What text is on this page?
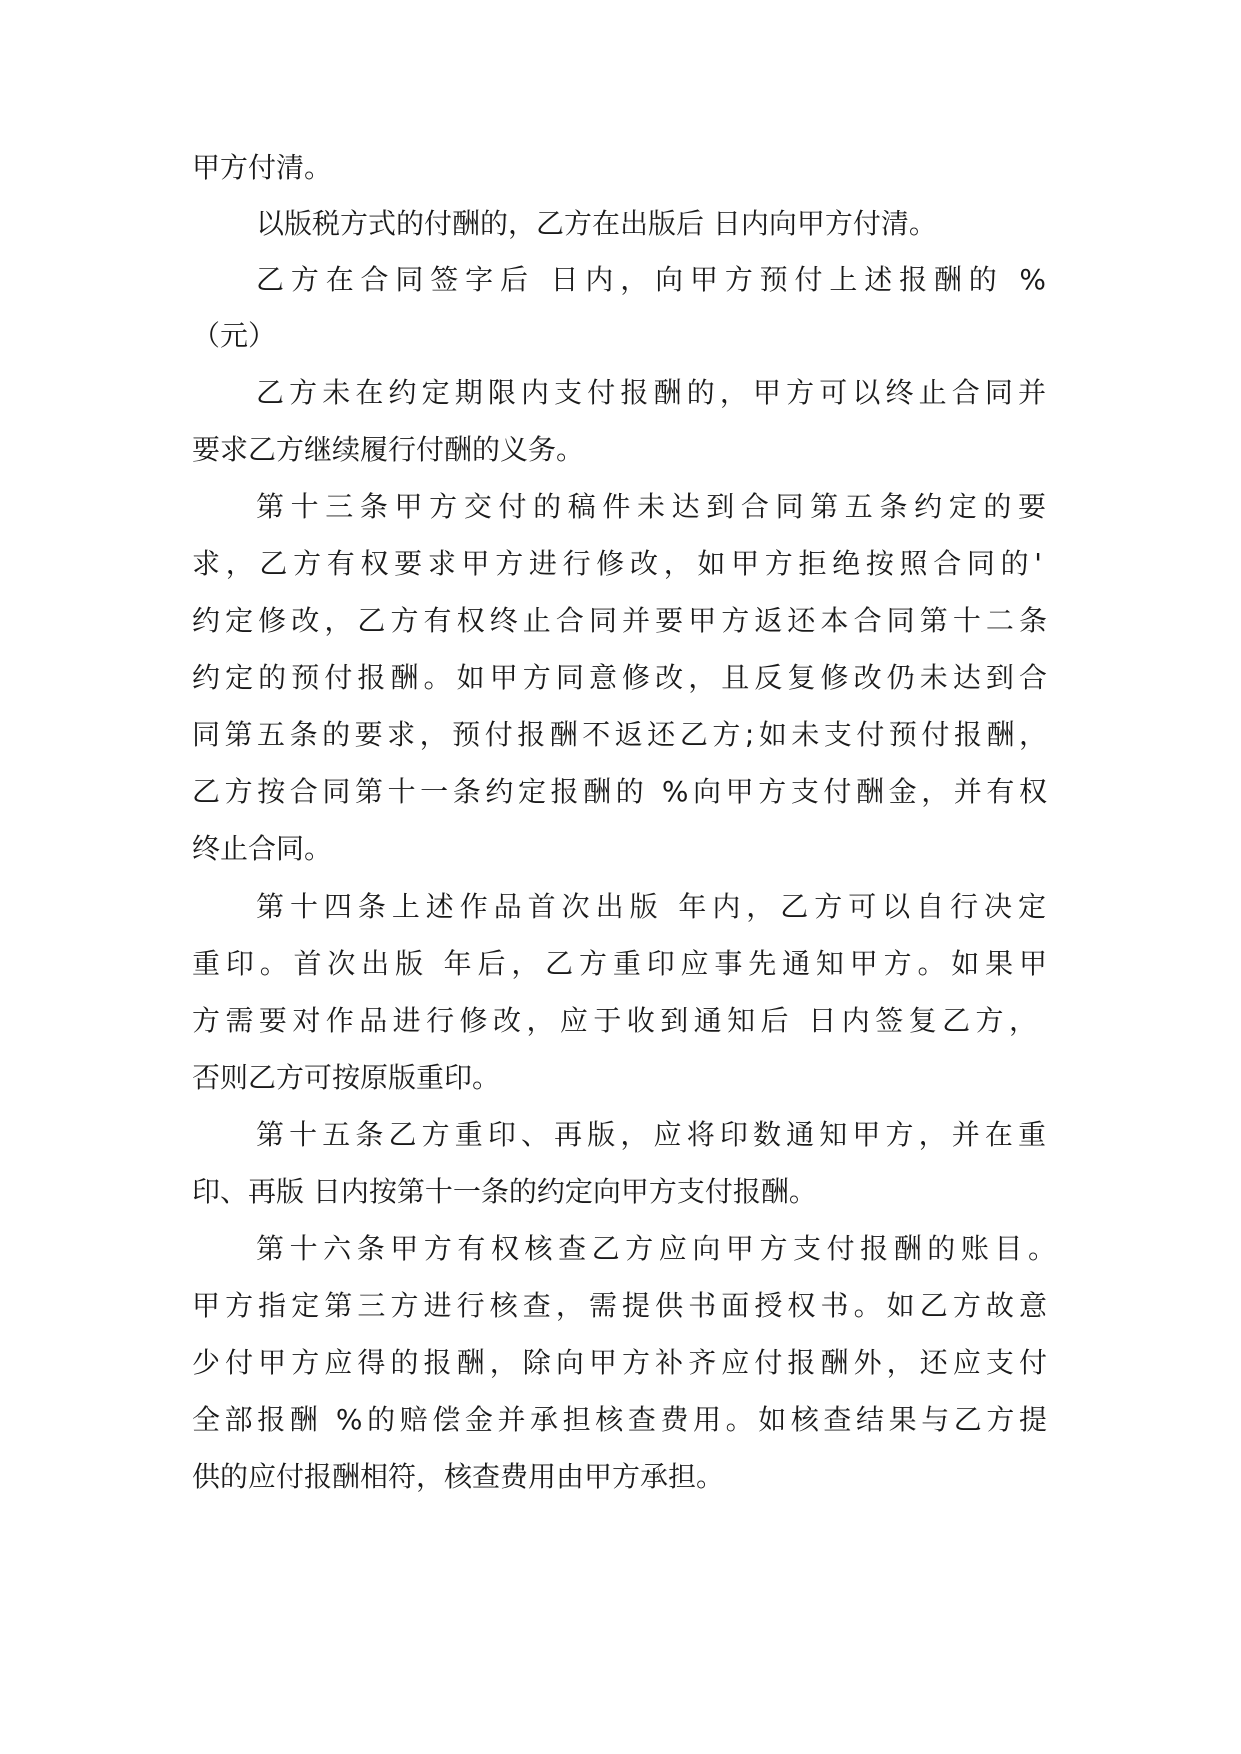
甲方付清。

以版税方式的付酬的，乙方在出版后 日内向甲方付清。

乙方在合同签字后 日内，向甲方预付上述报酬的 %

（元）

乙方未在约定期限内支付报酬的，甲方可以终止合同并

要求乙方继续履行付酬的义务。

第十三条甲方交付的稿件未达到合同第五条约定的要

求，乙方有权要求甲方进行修改，如甲方拒绝按照合同的'

约定修改，乙方有权终止合同并要甲方返还本合同第十二条

约定的预付报酬。如甲方同意修改，且反复修改仍未达到合

同第五条的要求，预付报酬不返还乙方;如未支付预付报酬，

乙方按合同第十一条约定报酬的 %向甲方支付酬金，并有权

终止合同。

第十四条上述作品首次出版 年内，乙方可以自行决定

重印。首次出版 年后，乙方重印应事先通知甲方。如果甲

方需要对作品进行修改，应于收到通知后 日内签复乙方，

否则乙方可按原版重印。

第十五条乙方重印、再版，应将印数通知甲方，并在重

印、再版 日内按第十一条的约定向甲方支付报酬。

第十六条甲方有权核查乙方应向甲方支付报酬的账目。

甲方指定第三方进行核查，需提供书面授权书。如乙方故意

少付甲方应得的报酬，除向甲方补齐应付报酬外，还应支付

全部报酬 %的赔偿金并承担核查费用。如核查结果与乙方提

供的应付报酬相符，核查费用由甲方承担。
